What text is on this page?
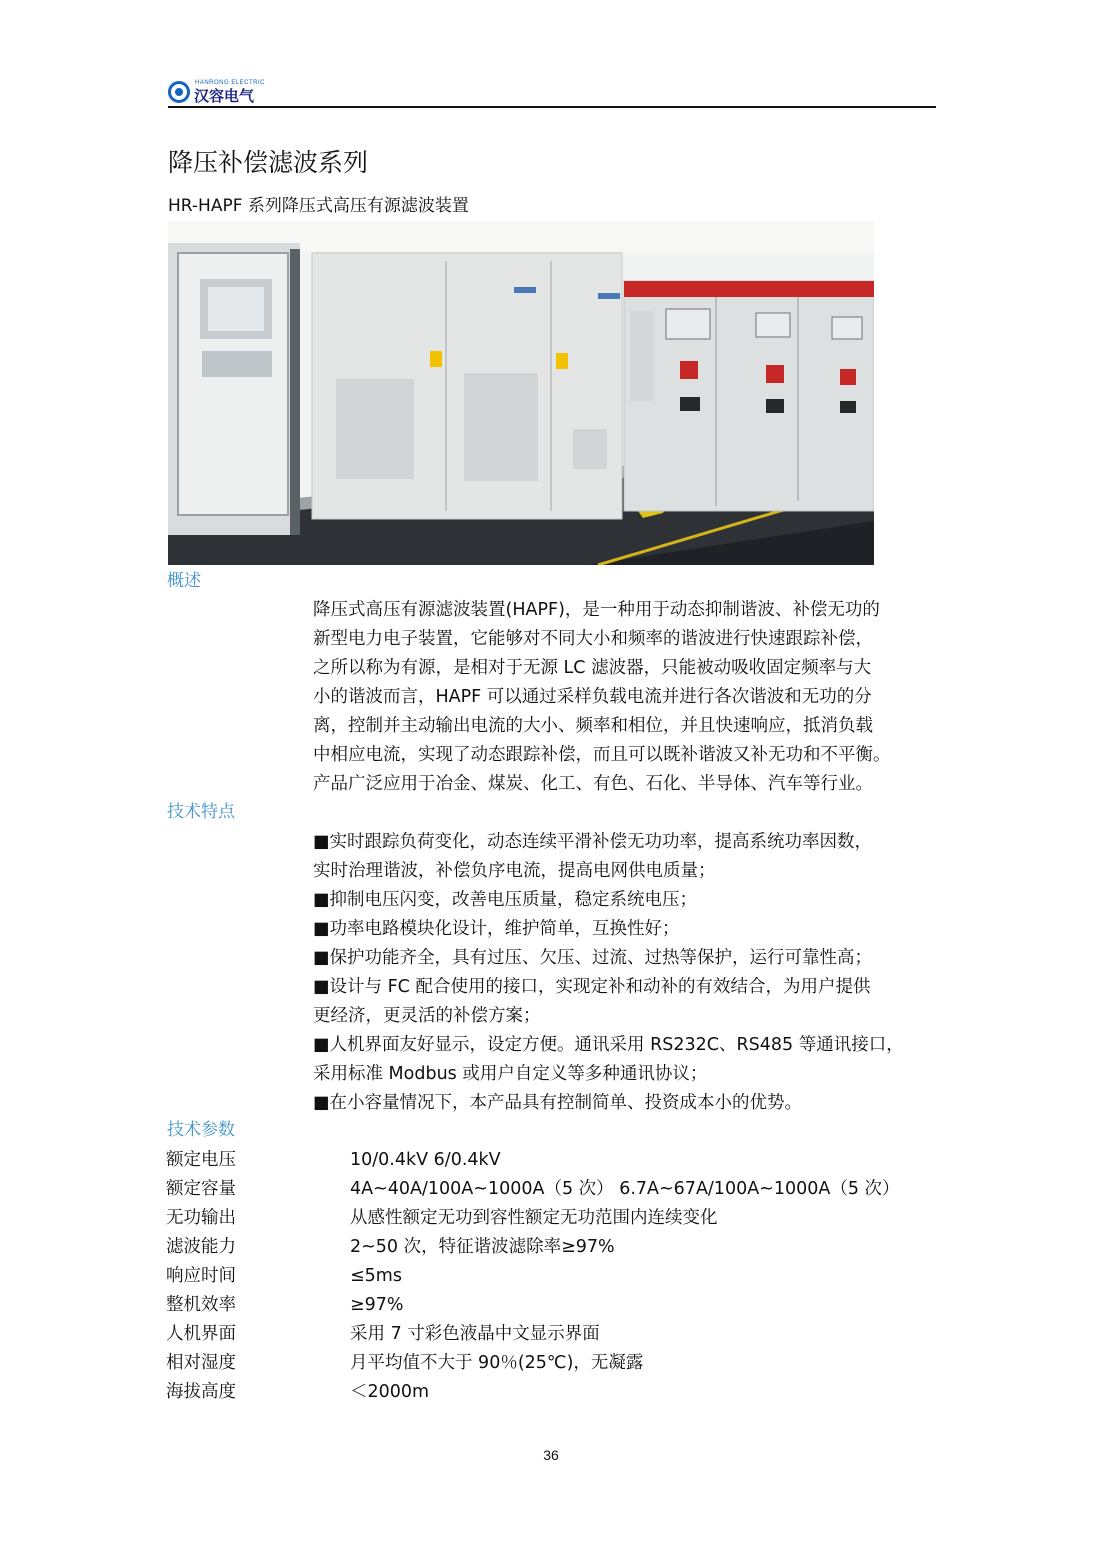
HANRONG ELECTRIC
汉容电气
降压补偿滤波系列
HR-HAPF 系列降压式高压有源滤波装置
概述
降压式高压有源滤波装置(HAPF)，是一种用于动态抑制谐波、补偿无功的
新型电力电子装置，它能够对不同大小和频率的谐波进行快速跟踪补偿，
之所以称为有源，是相对于无源 LC 滤波器，只能被动吸收固定频率与大
小的谐波而言，HAPF 可以通过采样负载电流并进行各次谐波和无功的分
离，控制并主动输出电流的大小、频率和相位，并且快速响应，抵消负载
中相应电流，实现了动态跟踪补偿，而且可以既补谐波又补无功和不平衡。
产品广泛应用于冶金、煤炭、化工、有色、石化、半导体、汽车等行业。
技术特点
■实时跟踪负荷变化，动态连续平滑补偿无功功率，提高系统功率因数，
实时治理谐波，补偿负序电流，提高电网供电质量；
■抑制电压闪变，改善电压质量，稳定系统电压；
■功率电路模块化设计，维护简单，互换性好；
■保护功能齐全，具有过压、欠压、过流、过热等保护，运行可靠性高；
■设计与 FC 配合使用的接口，实现定补和动补的有效结合，为用户提供
更经济，更灵活的补偿方案；
■人机界面友好显示，设定方便。通讯采用 RS232C、RS485 等通讯接口，
采用标准 Modbus 或用户自定义等多种通讯协议；
■在小容量情况下，本产品具有控制简单、投资成本小的优势。
技术参数
额定电压	10/0.4kV 6/0.4kV
额定容量	4A~40A/100A~1000A（5 次） 6.7A~67A/100A~1000A（5 次）
无功输出	从感性额定无功到容性额定无功范围内连续变化
滤波能力	2~50 次，特征谐波滤除率≥97%
响应时间	≤5ms
整机效率	≥97%
人机界面	采用 7 寸彩色液晶中文显示界面
相对湿度	月平均值不大于 90％(25℃)，无凝露
海拔高度	＜2000m
36
